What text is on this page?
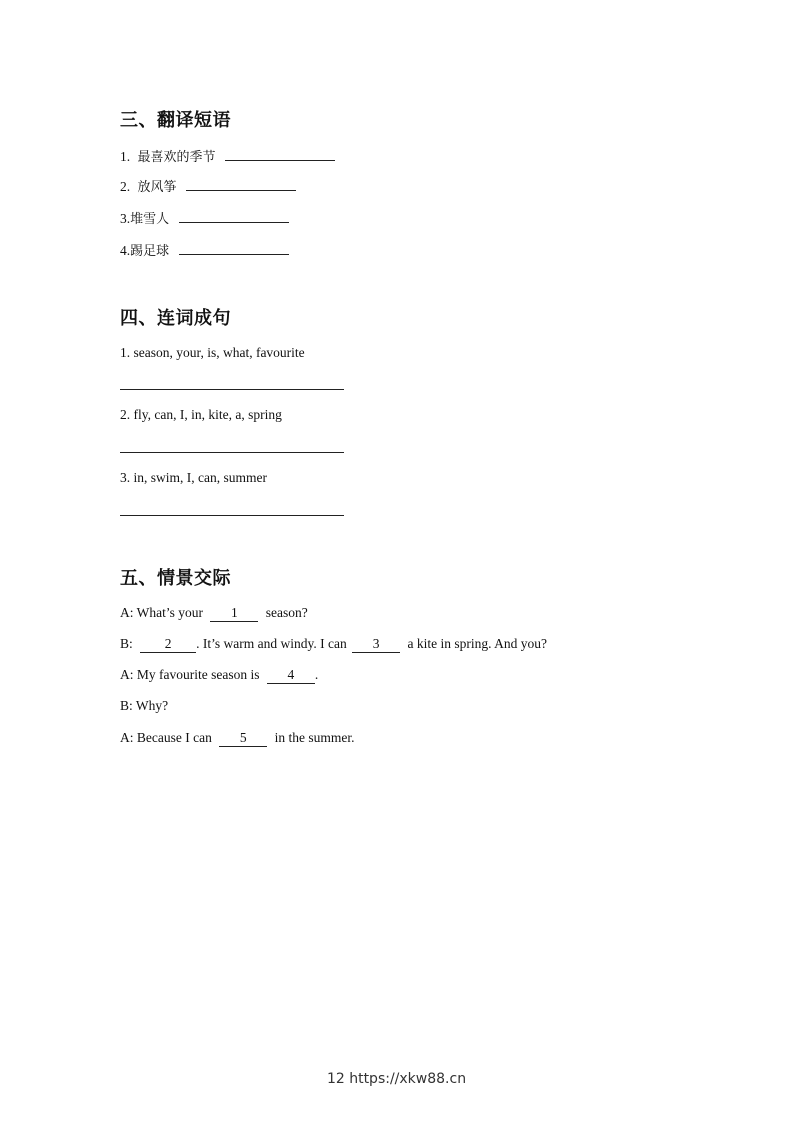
三、翻译短语
1. 最喜欢的季节
2. 放风筝
3.堆雪人
4.踢足球
四、连词成句
1. season, your, is, what, favourite
2. fly, can, I, in, kite, a, spring
3. in, swim, I, can, summer
五、情景交际
A: What’s your 1 season?
B: 2 . It’s warm and windy. I can 3 a kite in spring. And you?
A: My favourite season is 4 .
B: Why?
A: Because I can 5 in the summer.
12 https://xkw88.cn
